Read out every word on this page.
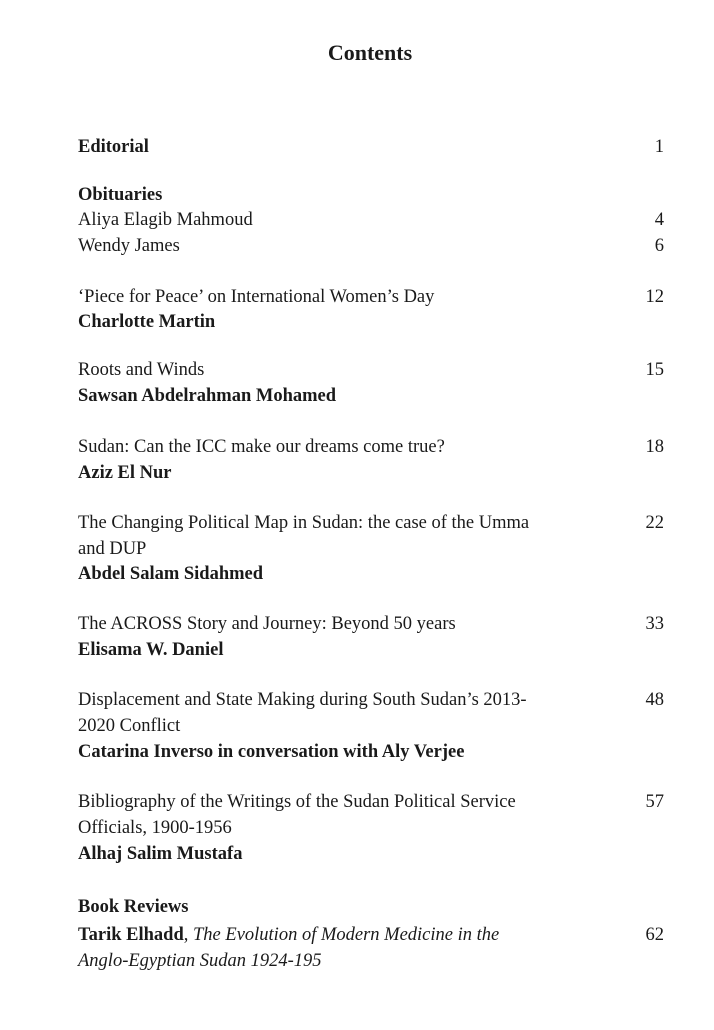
Contents
Editorial	1
Obituaries
Aliya Elagib Mahmoud	4
Wendy James	6
‘Piece for Peace’ on International Women’s Day	12
Charlotte Martin
Roots and Winds	15
Sawsan Abdelrahman Mohamed
Sudan: Can the ICC make our dreams come true?	18
Aziz El Nur
The Changing Political Map in Sudan: the case of the Umma	22
and DUP
Abdel Salam Sidahmed
The ACROSS Story and Journey: Beyond 50 years	33
Elisama W. Daniel
Displacement and State Making during South Sudan’s 2013-	48
2020 Conflict
Catarina Inverso in conversation with Aly Verjee
Bibliography of the Writings of the Sudan Political Service	57
Officials, 1900-1956
Alhaj Salim Mustafa
Book Reviews
Tarik Elhadd, The Evolution of Modern Medicine in the	62
Anglo-Egyptian Sudan 1924-195
